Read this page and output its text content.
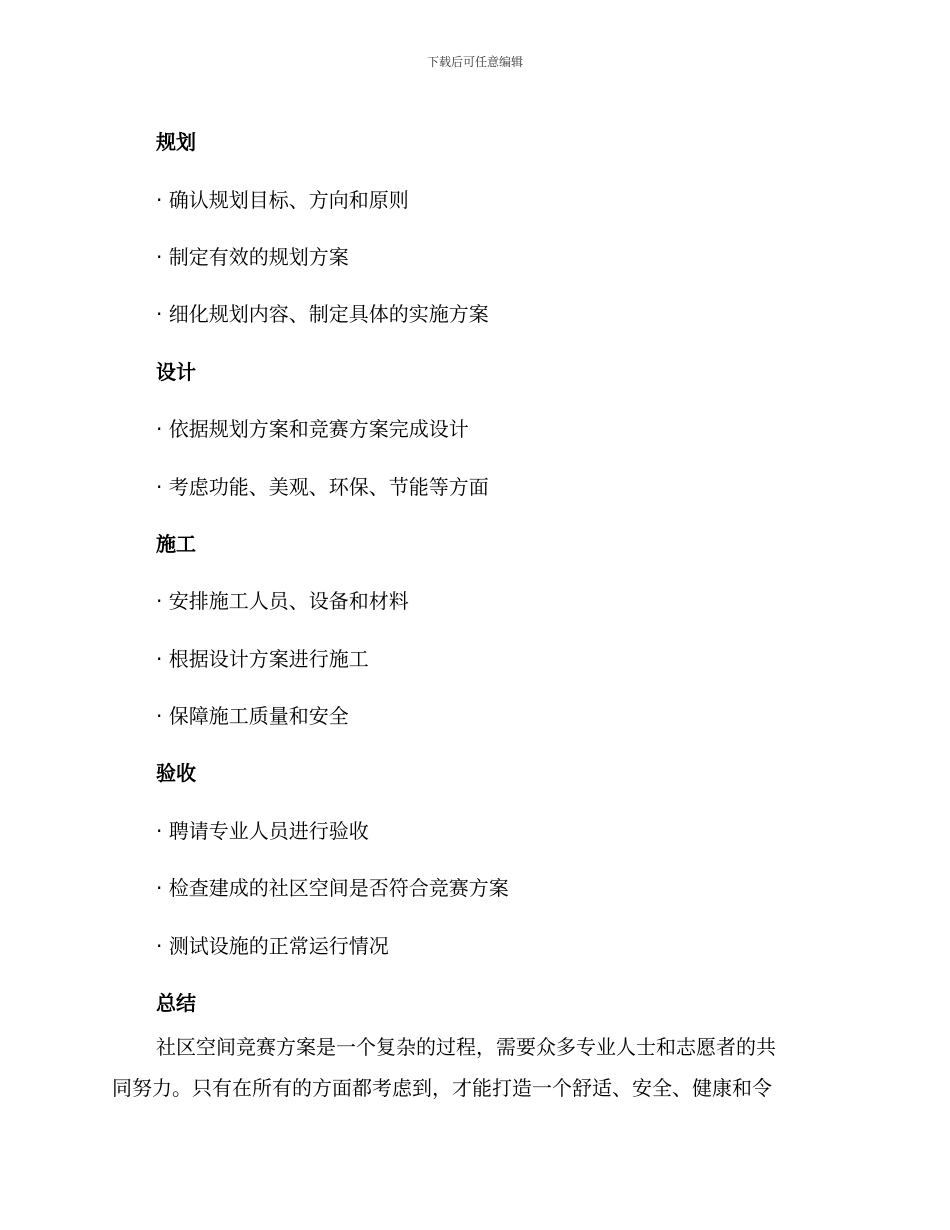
下载后可任意编辑
规划
· 确认规划目标、方向和原则
· 制定有效的规划方案
· 细化规划内容、制定具体的实施方案
设计
· 依据规划方案和竞赛方案完成设计
· 考虑功能、美观、环保、节能等方面
施工
· 安排施工人员、设备和材料
· 根据设计方案进行施工
· 保障施工质量和安全
验收
· 聘请专业人员进行验收
· 检查建成的社区空间是否符合竞赛方案
· 测试设施的正常运行情况
总结
社区空间竞赛方案是一个复杂的过程，需要众多专业人士和志愿者的共
同努力。只有在所有的方面都考虑到，才能打造一个舒适、安全、健康和令
